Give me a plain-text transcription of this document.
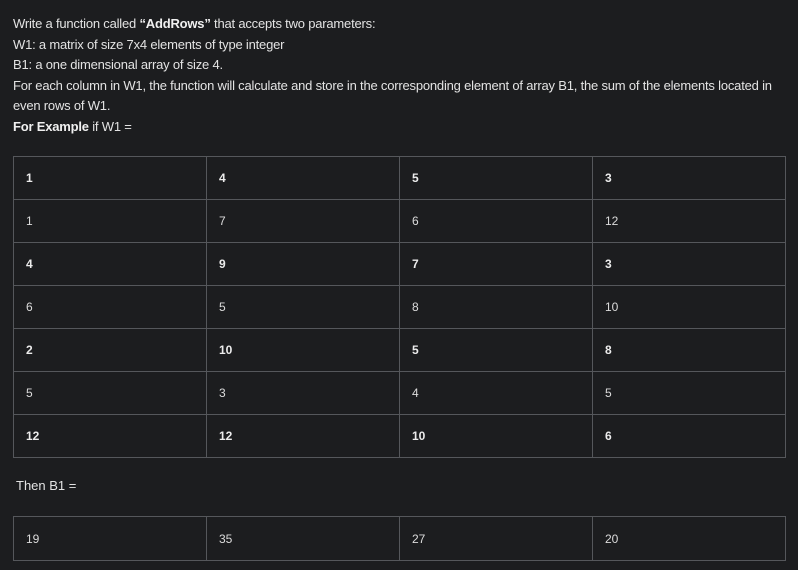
Write a function called “AddRows” that accepts two parameters:

W1: a matrix of size 7x4 elements of type integer

B1: a one dimensional array of size 4.

For each column in W1, the function will calculate and store in the corresponding element of array B1, the sum of the elements located in even rows of W1.

For Example if W1 =

1	4	5	3
1	7	6	12
4	9	7	3
6	5	8	10
2	10	5	8
5	3	4	5
12	12	10	6
Then B1 =
19	35	27	20
